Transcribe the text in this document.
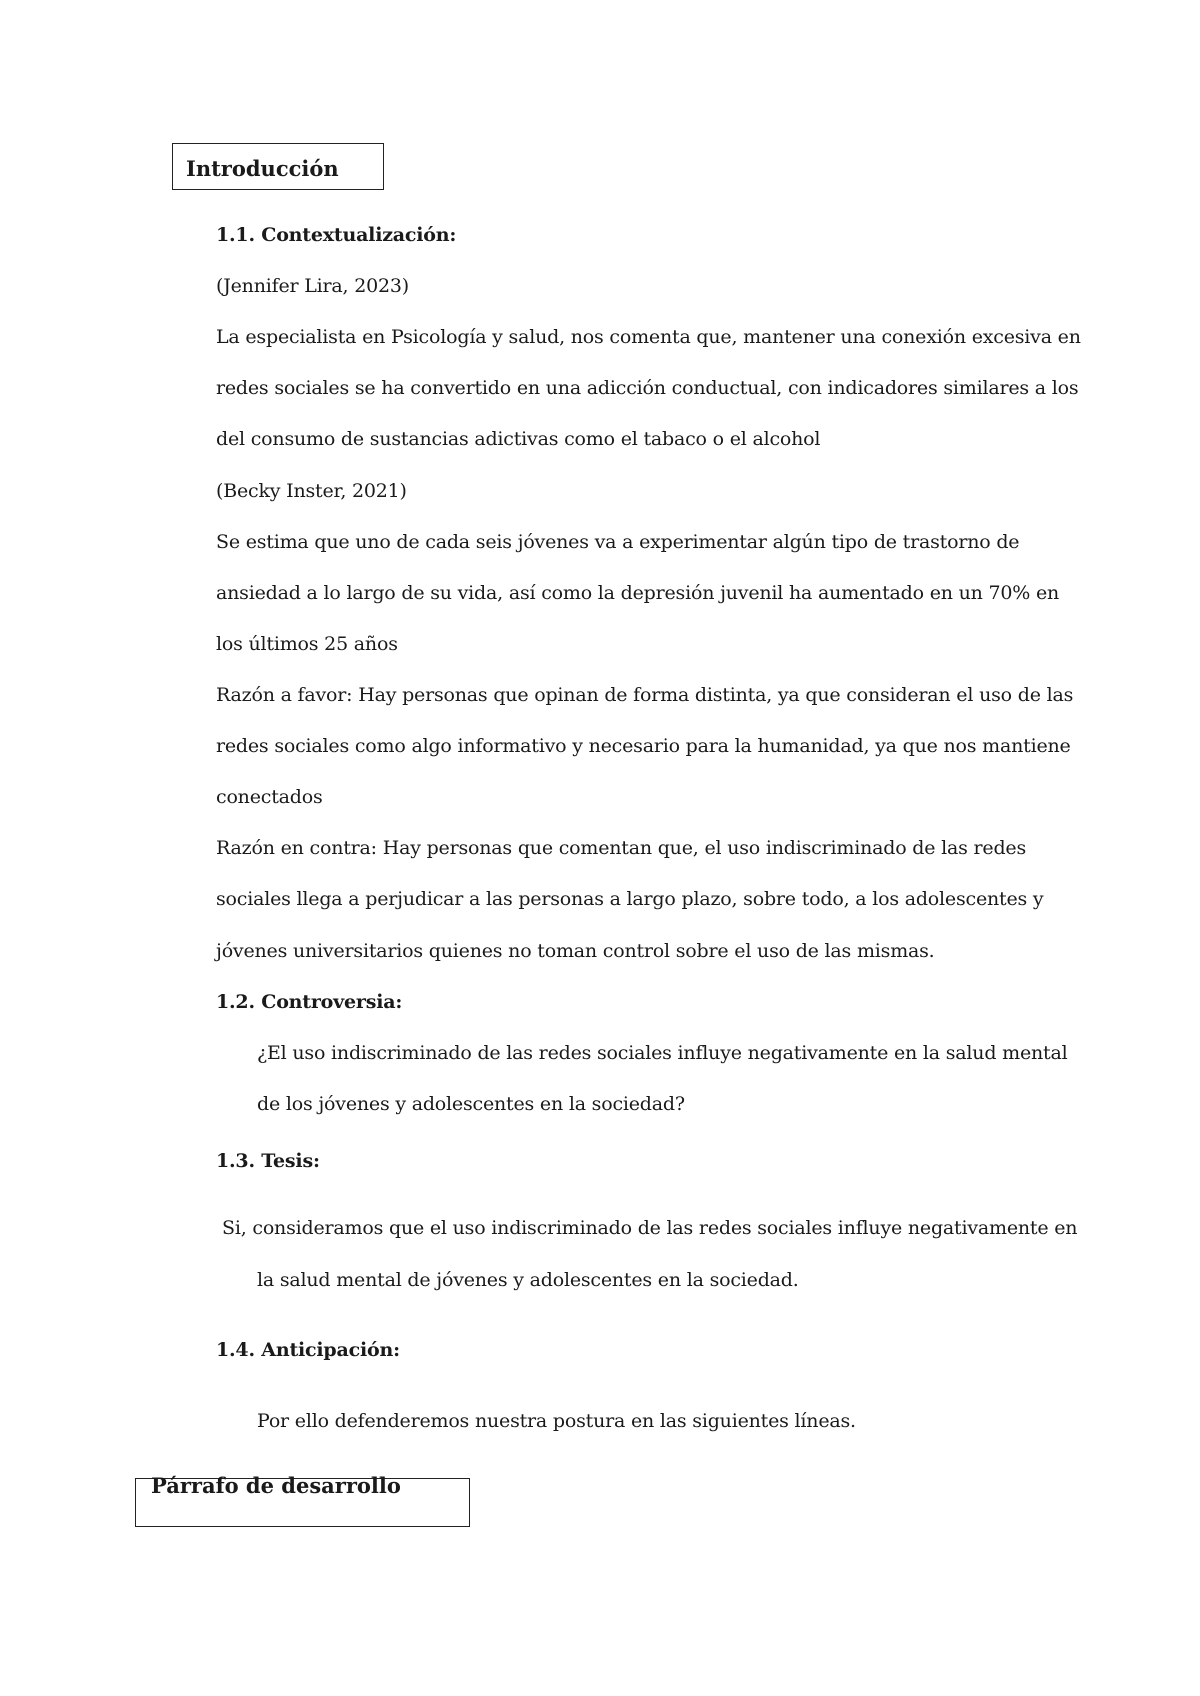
Introducción
1.1. Contextualización:
(Jennifer Lira, 2023)
La especialista en Psicología y salud, nos comenta que, mantener una conexión excesiva en
redes sociales se ha convertido en una adicción conductual, con indicadores similares a los
del consumo de sustancias adictivas como el tabaco o el alcohol
(Becky Inster, 2021)
Se estima que uno de cada seis jóvenes va a experimentar algún tipo de trastorno de
ansiedad a lo largo de su vida, así como la depresión juvenil ha aumentado en un 70% en
los últimos 25 años
Razón a favor: Hay personas que opinan de forma distinta, ya que consideran el uso de las
redes sociales como algo informativo y necesario para la humanidad, ya que nos mantiene
conectados
Razón en contra: Hay personas que comentan que, el uso indiscriminado de las redes
sociales llega a perjudicar a las personas a largo plazo, sobre todo, a los adolescentes y
jóvenes universitarios quienes no toman control sobre el uso de las mismas.
1.2. Controversia:
¿El uso indiscriminado de las redes sociales influye negativamente en la salud mental
de los jóvenes y adolescentes en la sociedad?
1.3. Tesis:
Si, consideramos que el uso indiscriminado de las redes sociales influye negativamente en
la salud mental de jóvenes y adolescentes en la sociedad.
1.4. Anticipación:
Por ello defenderemos nuestra postura en las siguientes líneas.
Párrafo de desarrollo
